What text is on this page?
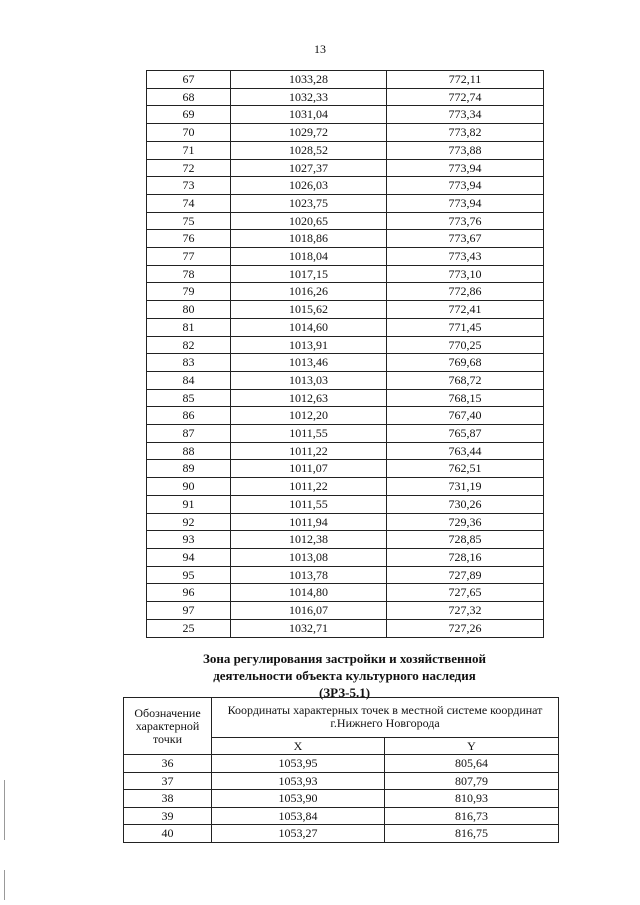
13
67	1033,28	772,11
68	1032,33	772,74
69	1031,04	773,34
70	1029,72	773,82
71	1028,52	773,88
72	1027,37	773,94
73	1026,03	773,94
74	1023,75	773,94
75	1020,65	773,76
76	1018,86	773,67
77	1018,04	773,43
78	1017,15	773,10
79	1016,26	772,86
80	1015,62	772,41
81	1014,60	771,45
82	1013,91	770,25
83	1013,46	769,68
84	1013,03	768,72
85	1012,63	768,15
86	1012,20	767,40
87	1011,55	765,87
88	1011,22	763,44
89	1011,07	762,51
90	1011,22	731,19
91	1011,55	730,26
92	1011,94	729,36
93	1012,38	728,85
94	1013,08	728,16
95	1013,78	727,89
96	1014,80	727,65
97	1016,07	727,32
25	1032,71	727,26
Зона регулирования застройки и хозяйственной
деятельности объекта культурного наследия
(ЗРЗ-5.1)
Обозначение характерной точки	Координаты характерных точек в местной системе координат г.Нижнего Новгорода	
	X	Y
36	1053,95	805,64
37	1053,93	807,79
38	1053,90	810,93
39	1053,84	816,73
40	1053,27	816,75
